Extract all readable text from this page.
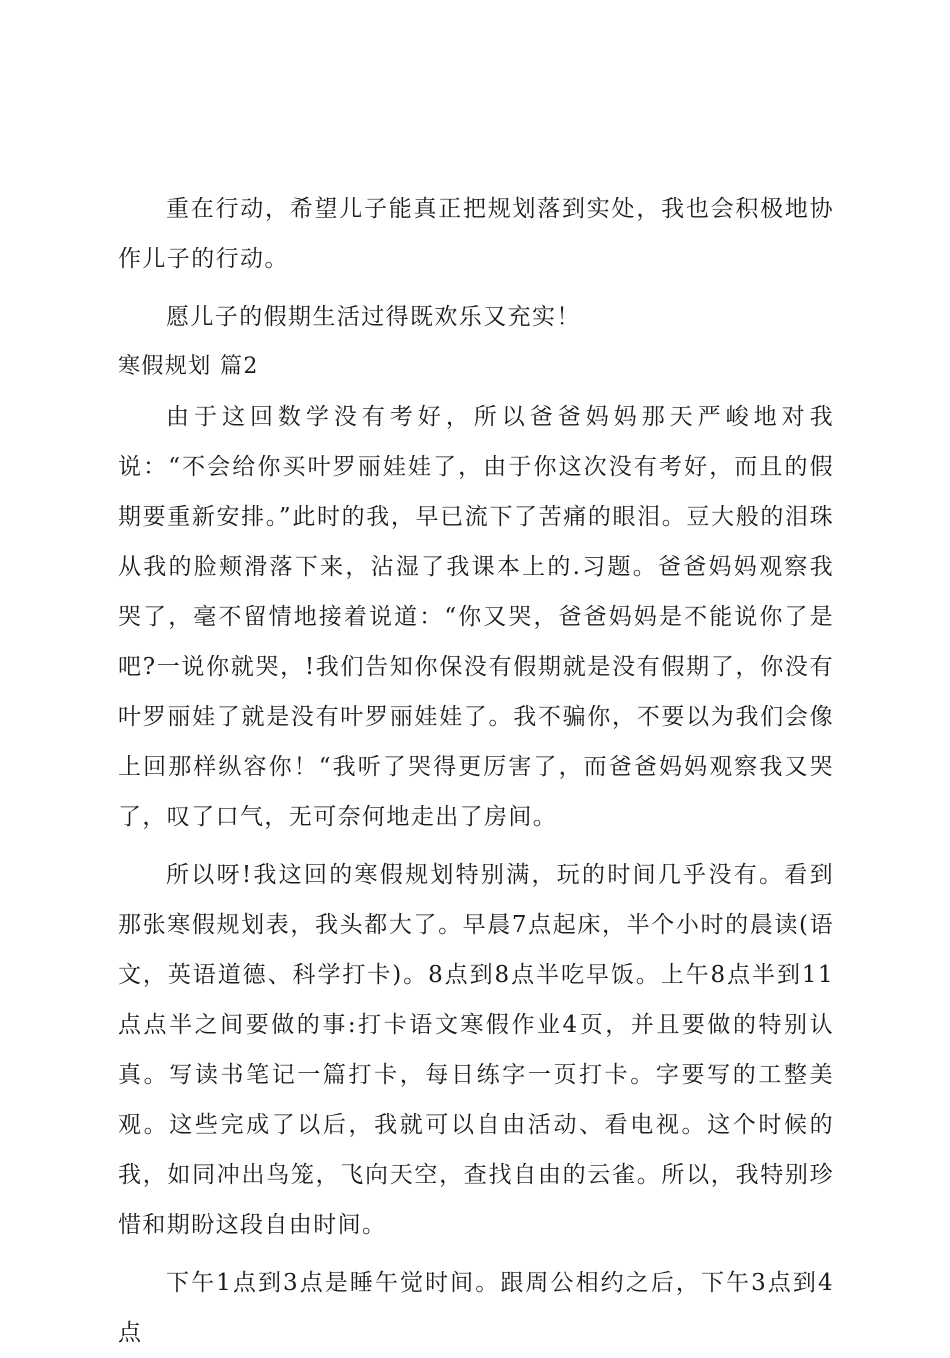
重在行动，希望儿子能真正把规划落到实处，我也会积极地协作儿子的行动。

愿儿子的假期生活过得既欢乐又充实！

寒假规划 篇2

由于这回数学没有考好，所以爸爸妈妈那天严峻地对我说：“不会给你买叶罗丽娃娃了，由于你这次没有考好，而且的假期要重新安排。”此时的我，早已流下了苦痛的眼泪。豆大般的泪珠从我的脸颊滑落下来，沾湿了我课本上的.习题。爸爸妈妈观察我哭了，毫不留情地接着说道：“你又哭，爸爸妈妈是不能说你了是吧?一说你就哭，!我们告知你保没有假期就是没有假期了，你没有叶罗丽娃了就是没有叶罗丽娃娃了。我不骗你，不要以为我们会像上回那样纵容你！“我听了哭得更厉害了，而爸爸妈妈观察我又哭了，叹了口气，无可奈何地走出了房间。

所以呀!我这回的寒假规划特别满，玩的时间几乎没有。看到那张寒假规划表，我头都大了。早晨7点起床，半个小时的晨读(语文，英语道德、科学打卡)。8点到8点半吃早饭。上午8点半到11点点半之间要做的事:打卡语文寒假作业4页，并且要做的特别认真。写读书笔记一篇打卡，每日练字一页打卡。字要写的工整美观。这些完成了以后，我就可以自由活动、看电视。这个时候的我，如同冲出鸟笼，飞向天空，查找自由的云雀。所以，我特别珍惜和期盼这段自由时间。

下午1点到3点是睡午觉时间。跟周公相约之后，下午3点到4点
